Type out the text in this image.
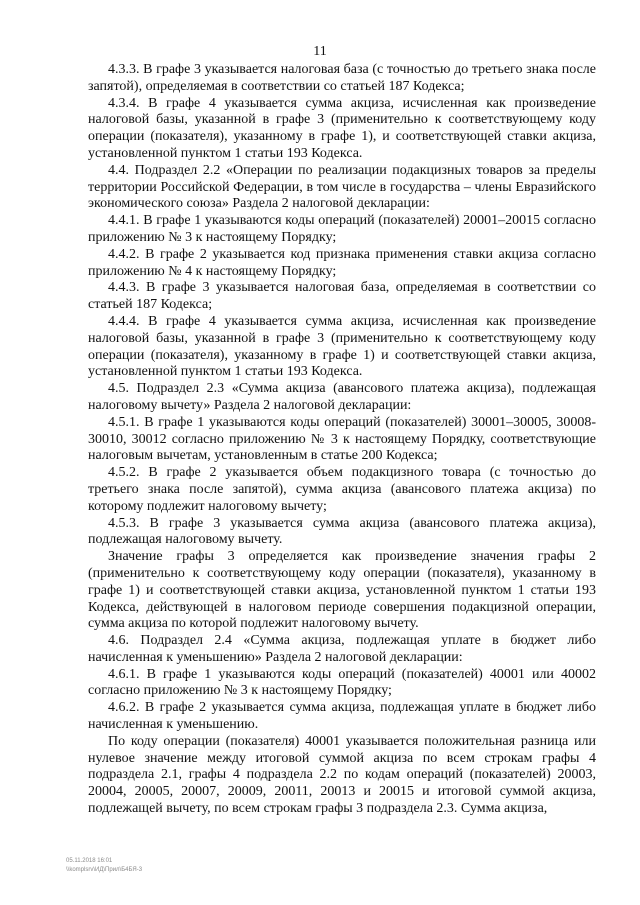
11

4.3.3. В графе 3 указывается налоговая база (с точностью до третьего знака после запятой), определяемая в соответствии со статьей 187 Кодекса;

4.3.4. В графе 4 указывается сумма акциза, исчисленная как произведение налоговой базы, указанной в графе 3 (применительно к соответствующему коду операции (показателя), указанному в графе 1), и соответствующей ставки акциза, установленной пунктом 1 статьи 193 Кодекса.

4.4. Подраздел 2.2 «Операции по реализации подакцизных товаров за пределы территории Российской Федерации, в том числе в государства – члены Евразийского экономического союза» Раздела 2 налоговой декларации:

4.4.1. В графе 1 указываются коды операций (показателей) 20001–20015 согласно приложению № 3 к настоящему Порядку;

4.4.2. В графе 2 указывается код признака применения ставки акциза согласно приложению № 4 к настоящему Порядку;

4.4.3. В графе 3 указывается налоговая база, определяемая в соответствии со статьей 187 Кодекса;

4.4.4. В графе 4 указывается сумма акциза, исчисленная как произведение налоговой базы, указанной в графе 3 (применительно к соответствующему коду операции (показателя), указанному в графе 1) и соответствующей ставки акциза, установленной пунктом 1 статьи 193 Кодекса.

4.5. Подраздел 2.3 «Сумма акциза (авансового платежа акциза), подлежащая налоговому вычету» Раздела 2 налоговой декларации:

4.5.1. В графе 1 указываются коды операций (показателей) 30001–30005, 30008-30010, 30012 согласно приложению № 3 к настоящему Порядку, соответствующие налоговым вычетам, установленным в статье 200 Кодекса;

4.5.2. В графе 2 указывается объем подакцизного товара (с точностью до третьего знака после запятой), сумма акциза (авансового платежа акциза) по которому подлежит налоговому вычету;

4.5.3. В графе 3 указывается сумма акциза (авансового платежа акциза), подлежащая налоговому вычету.

Значение графы 3 определяется как произведение значения графы 2 (применительно к соответствующему коду операции (показателя), указанному в графе 1) и соответствующей ставки акциза, установленной пунктом 1 статьи 193 Кодекса, действующей в налоговом периоде совершения подакцизной операции, сумма акциза по которой подлежит налоговому вычету.

4.6. Подраздел 2.4 «Сумма акциза, подлежащая уплате в бюджет либо начисленная к уменьшению» Раздела 2 налоговой декларации:

4.6.1. В графе 1 указываются коды операций (показателей) 40001 или 40002 согласно приложению № 3 к настоящему Порядку;

4.6.2. В графе 2 указывается сумма акциза, подлежащая уплате в бюджет либо начисленная к уменьшению.

По коду операции (показателя) 40001 указывается положительная разница или нулевое значение между итоговой суммой акциза по всем строкам графы 4 подраздела 2.1, графы 4 подраздела 2.2 по кодам операций (показателей) 20003, 20004, 20005, 20007, 20009, 20011, 20013 и 20015 и итоговой суммой акциза, подлежащей вычету, по всем строкам графы 3 подраздела 2.3. Сумма акциза,

05.11.2018 16:01
\\komplsrv\ИД\Прил\Б4БЯ-3
